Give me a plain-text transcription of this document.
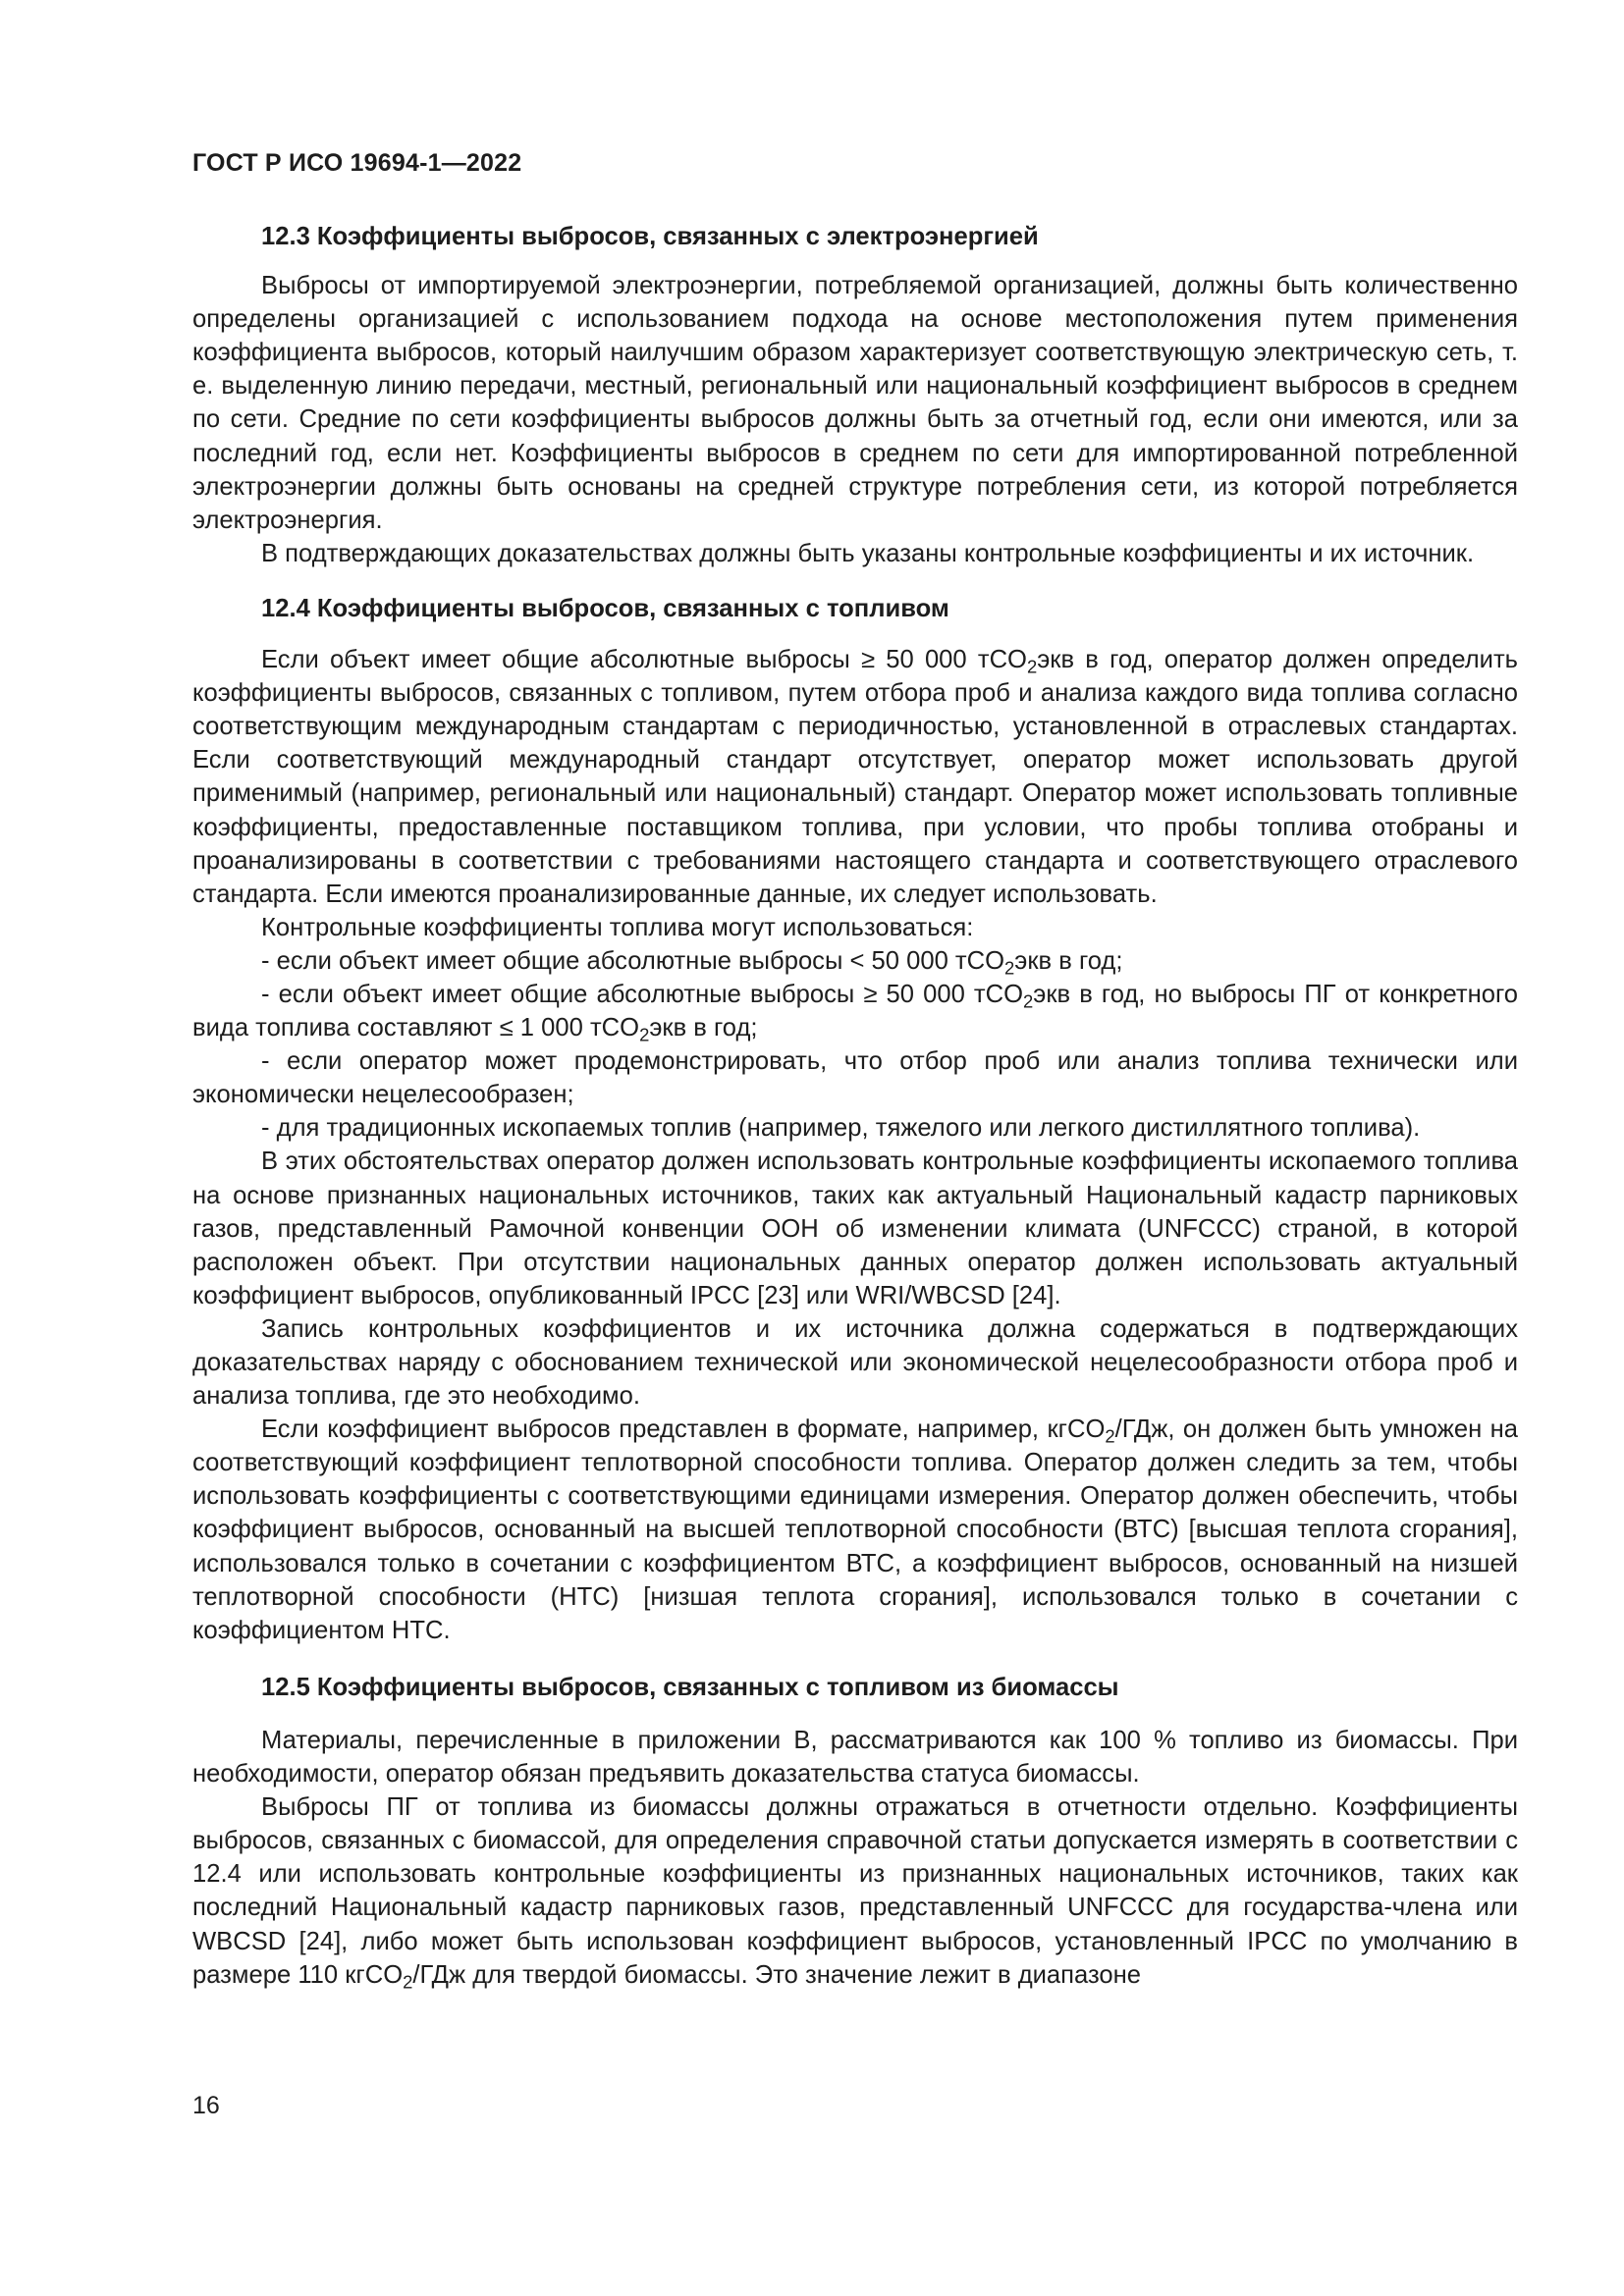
ГОСТ Р ИСО 19694-1—2022
12.3 Коэффициенты выбросов, связанных с электроэнергией

Выбросы от импортируемой электроэнергии, потребляемой организацией, должны быть количественно определены организацией с использованием подхода на основе местоположения путем применения коэффициента выбросов, который наилучшим образом характеризует соответствующую электрическую сеть, т. е. выделенную линию передачи, местный, региональный или национальный коэффициент выбросов в среднем по сети. Средние по сети коэффициенты выбросов должны быть за отчетный год, если они имеются, или за последний год, если нет. Коэффициенты выбросов в среднем по сети для импортированной потребленной электроэнергии должны быть основаны на средней структуре потребления сети, из которой потребляется электроэнергия.

В подтверждающих доказательствах должны быть указаны контрольные коэффициенты и их источник.

12.4 Коэффициенты выбросов, связанных с топливом

Если объект имеет общие абсолютные выбросы ≥ 50 000 тCO$_2$экв в год, оператор должен определить коэффициенты выбросов, связанных с топливом, путем отбора проб и анализа каждого вида топлива согласно соответствующим международным стандартам с периодичностью, установленной в отраслевых стандартах. Если соответствующий международный стандарт отсутствует, оператор может использовать другой применимый (например, региональный или национальный) стандарт. Оператор может использовать топливные коэффициенты, предоставленные поставщиком топлива, при условии, что пробы топлива отобраны и проанализированы в соответствии с требованиями настоящего стандарта и соответствующего отраслевого стандарта. Если имеются проанализированные данные, их следует использовать.

Контрольные коэффициенты топлива могут использоваться:

- если объект имеет общие абсолютные выбросы < 50 000 тCO$_2$экв в год;

- если объект имеет общие абсолютные выбросы ≥ 50 000 тCO$_2$экв в год, но выбросы ПГ от конкретного вида топлива составляют ≤ 1 000 тCO$_2$экв в год;

- если оператор может продемонстрировать, что отбор проб или анализ топлива технически или экономически нецелесообразен;

- для традиционных ископаемых топлив (например, тяжелого или легкого дистиллятного топлива).

В этих обстоятельствах оператор должен использовать контрольные коэффициенты ископаемого топлива на основе признанных национальных источников, таких как актуальный Национальный кадастр парниковых газов, представленный Рамочной конвенции ООН об изменении климата (UNFCCC) страной, в которой расположен объект. При отсутствии национальных данных оператор должен использовать актуальный коэффициент выбросов, опубликованный IPCC [23] или WRI/WBCSD [24].

Запись контрольных коэффициентов и их источника должна содержаться в подтверждающих доказательствах наряду с обоснованием технической или экономической нецелесообразности отбора проб и анализа топлива, где это необходимо.

Если коэффициент выбросов представлен в формате, например, кгCO$_2$/ГДж, он должен быть умножен на соответствующий коэффициент теплотворной способности топлива. Оператор должен следить за тем, чтобы использовать коэффициенты с соответствующими единицами измерения. Оператор должен обеспечить, чтобы коэффициент выбросов, основанный на высшей теплотворной способности (ВТС) [высшая теплота сгорания], использовался только в сочетании с коэффициентом ВТС, а коэффициент выбросов, основанный на низшей теплотворной способности (НТС) [низшая теплота сгорания], использовался только в сочетании с коэффициентом НТС.

12.5 Коэффициенты выбросов, связанных с топливом из биомассы

Материалы, перечисленные в приложении В, рассматриваются как 100 % топливо из биомассы. При необходимости, оператор обязан предъявить доказательства статуса биомассы.

Выбросы ПГ от топлива из биомассы должны отражаться в отчетности отдельно. Коэффициенты выбросов, связанных с биомассой, для определения справочной статьи допускается измерять в соответствии с 12.4 или использовать контрольные коэффициенты из признанных национальных источников, таких как последний Национальный кадастр парниковых газов, представленный UNFCCC для государства-члена или WBCSD [24], либо может быть использован коэффициент выбросов, установленный IPCC по умолчанию в размере 110 кгCO$_2$/ГДж для твердой биомассы. Это значение лежит в диапазоне

16
